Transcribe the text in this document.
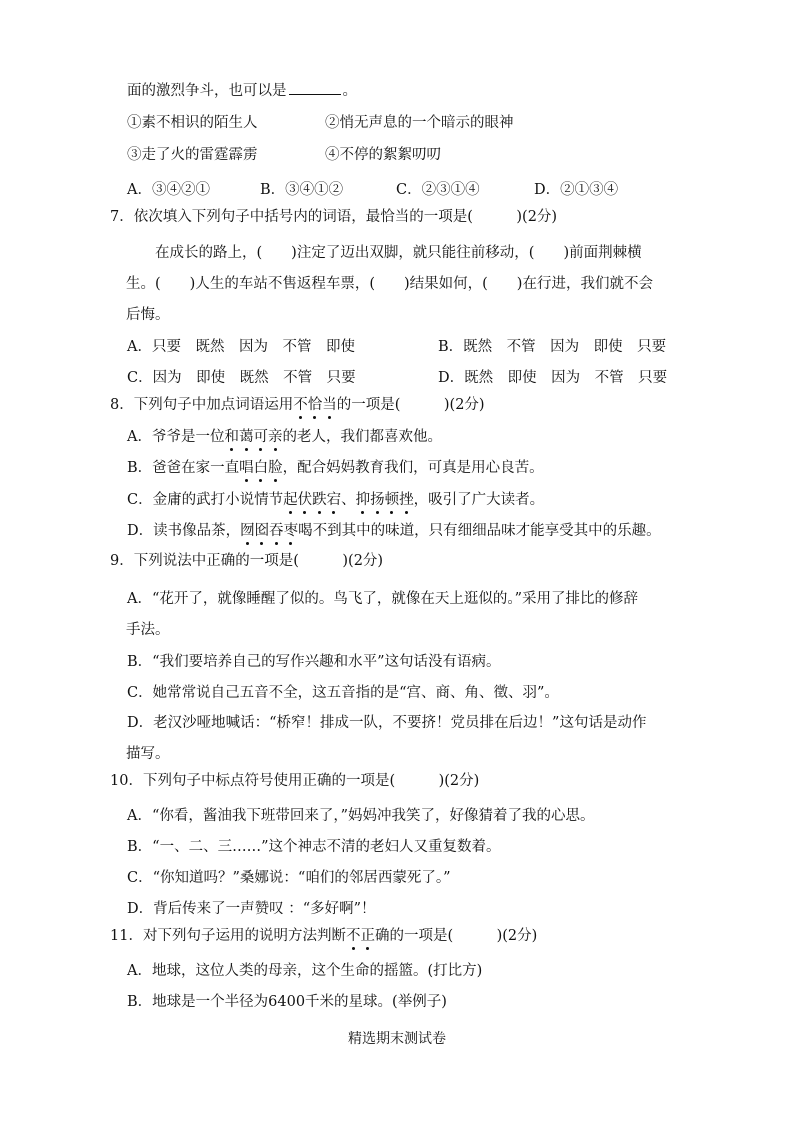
面的激烈争斗，也可以是	。
①素不相识的陌生人	②悄无声息的一个暗示的眼神
③走了火的雷霆霹雳	④不停的絮絮叨叨
A．③④②①	B．③④①②	C．②③①④	D．②①③④
7．依次填入下列句子中括号内的词语，最恰当的一项是(　　　)(2分)
在成长的路上，(　　)注定了迈出双脚，就只能往前移动，(　　)前面荆棘横
生。(　　)人生的车站不售返程车票，(　　)结果如何，(　　)在行进，我们就不会
后悔。
A．只要　既然　因为　不管　即使	B．既然　不管　因为　即使　只要
C．因为　即使　既然　不管　只要	D．既然　即使　因为　不管　只要
8．下列句子中加点词语运用不恰当的一项是(　　　)(2分)
A．爷爷是一位和蔼可亲的老人，我们都喜欢他。
B．爸爸在家一直唱白脸，配合妈妈教育我们，可真是用心良苦。
C．金庸的武打小说情节起伏跌宕、抑扬顿挫，吸引了广大读者。
D．读书像品茶，囫囵吞枣喝不到其中的味道，只有细细品味才能享受其中的乐趣。
9．下列说法中正确的一项是(　　　)(2分)
A．“花开了，就像睡醒了似的。鸟飞了，就像在天上逛似的。”采用了排比的修辞
手法。
B．“我们要培养自己的写作兴趣和水平”这句话没有语病。
C．她常常说自己五音不全，这五音指的是“宫、商、角、徵、羽”。
D．老汉沙哑地喊话：“桥窄！排成一队，不要挤！党员排在后边！”这句话是动作
描写。
10．下列句子中标点符号使用正确的一项是(　　　)(2分)
A．“你看，酱油我下班带回来了，”妈妈冲我笑了，好像猜着了我的心思。
B．“一、二、三……”这个神志不清的老妇人又重复数着。
C．“你知道吗？”桑娜说：“咱们的邻居西蒙死了。”
D．背后传来了一声赞叹 ：“多好啊”！
11．对下列句子运用的说明方法判断不正确的一项是(　　　)(2分)
A．地球，这位人类的母亲，这个生命的摇篮。(打比方)
B．地球是一个半径为6400千米的星球。(举例子)
精选期末测试卷
